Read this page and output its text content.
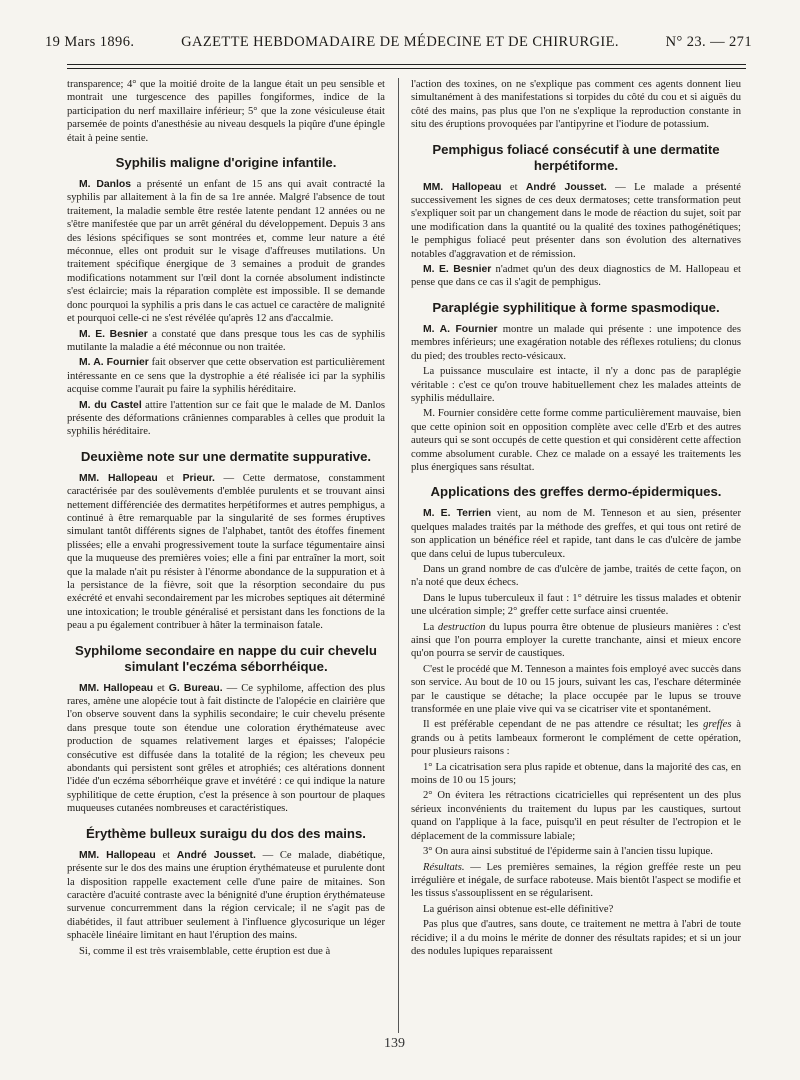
19 Mars 1896.	GAZETTE HEBDOMADAIRE DE MÉDECINE ET DE CHIRURGIE.	N° 23. — 271

transparence; 4° que la moitié droite de la langue était un peu sensible et montrait une turgescence des papilles fongiformes, indice de la participation du nerf maxillaire inférieur; 5° que la zone vésiculeuse était parsemée de points d'anesthésie au niveau desquels la piqûre d'une épingle était à peine sentie.

Syphilis maligne d'origine infantile.

M. Danlos a présenté un enfant de 15 ans qui avait contracté la syphilis par allaitement à la fin de sa 1re année. Malgré l'absence de tout traitement, la maladie semble être restée latente pendant 12 années ou ne s'être manifestée que par un arrêt général du développement. Depuis 3 ans des lésions spécifiques se sont montrées et, comme leur nature a été méconnue, elles ont produit sur le visage d'affreuses mutilations. Un traitement spécifique énergique de 3 semaines a produit de grandes modifications notamment sur l'œil dont la cornée absolument indistincte s'est éclaircie; mais la réparation complète est impossible. Il se demande donc pourquoi la syphilis a pris dans le cas actuel ce caractère de malignité et pourquoi celle-ci ne s'est révélée qu'après 12 ans d'accalmie.

M. E. Besnier a constaté que dans presque tous les cas de syphilis mutilante la maladie a été méconnue ou non traitée.

M. A. Fournier fait observer que cette observation est particulièrement intéressante en ce sens que la dystrophie a été réalisée ici par la syphilis acquise comme l'aurait pu faire la syphilis héréditaire.

M. du Castel attire l'attention sur ce fait que le malade de M. Danlos présente des déformations crâniennes comparables à celles que produit la syphilis héréditaire.

Deuxième note sur une dermatite suppurative.

MM. Hallopeau et Prieur. — Cette dermatose, constamment caractérisée par des soulèvements d'emblée purulents et se trouvant ainsi nettement différenciée des dermatites herpétiformes et autres pemphigus, a continué à être remarquable par la singularité de ses formes éruptives simulant tantôt différents signes de l'alphabet, tantôt des étoffes finement plissées; elle a envahi progressivement toute la surface tégumentaire ainsi que la muqueuse des premières voies; elle a fini par entraîner la mort, soit que la malade n'ait pu résister à l'énorme abondance de la suppuration et à la persistance de la fièvre, soit que la résorption secondaire du pus exécrété et envahi secondairement par les microbes septiques ait déterminé une intoxication; le trouble généralisé et persistant dans les fonctions de la peau a pu également contribuer à hâter la terminaison fatale.

Syphilome secondaire en nappe du cuir chevelu simulant l'eczéma séborrhéique.

MM. Hallopeau et G. Bureau. — Ce syphilome, affection des plus rares, amène une alopécie tout à fait distincte de l'alopécie en clairière que l'on observe souvent dans la syphilis secondaire; le cuir chevelu présente dans presque toute son étendue une coloration érythémateuse avec production de squames relativement larges et épaisses; l'alopécie consécutive est diffusée dans la totalité de la région; les cheveux peu abondants qui persistent sont grêles et atrophiés; ces altérations donnent l'idée d'un eczéma séborrhéique grave et invétéré : ce qui indique la nature syphilitique de cette éruption, c'est la présence à son pourtour de plaques muqueuses cutanées nombreuses et caractéristiques.

Érythème bulleux suraigu du dos des mains.

MM. Hallopeau et André Jousset. — Ce malade, diabétique, présente sur le dos des mains une éruption érythémateuse et purulente dont la disposition rappelle exactement celle d'une paire de mitaines. Son caractère d'acuité contraste avec la bénignité d'une éruption érythémateuse survenue concurremment dans la région cervicale; il ne s'agit pas de diabétides, il faut attribuer seulement à l'influence glycosurique un léger sphacèle linéaire limitant en haut l'éruption des mains.

Si, comme il est très vraisemblable, cette éruption est due à

l'action des toxines, on ne s'explique pas comment ces agents donnent lieu simultanément à des manifestations si torpides du côté du cou et si aiguës du côté des mains, pas plus que l'on ne s'explique la reproduction constante in situ des éruptions provoquées par l'antipyrine et l'iodure de potassium.

Pemphigus foliacé consécutif à une dermatite herpétiforme.

MM. Hallopeau et André Jousset. — Le malade a présenté successivement les signes de ces deux dermatoses; cette transformation peut s'expliquer soit par un changement dans le mode de réaction du sujet, soit par une modification dans la quantité ou la qualité des toxines pathogénétiques; le pemphigus foliacé peut présenter dans son évolution des alternatives notables d'aggravation et de rémission.

M. E. Besnier n'admet qu'un des deux diagnostics de M. Hallopeau et pense que dans ce cas il s'agit de pemphigus.

Paraplégie syphilitique à forme spasmodique.

M. A. Fournier montre un malade qui présente : une impotence des membres inférieurs; une exagération notable des réflexes rotuliens; du clonus du pied; des troubles recto-vésicaux.

La puissance musculaire est intacte, il n'y a donc pas de paraplégie véritable : c'est ce qu'on trouve habituellement chez les malades atteints de syphilis médullaire.

M. Fournier considère cette forme comme particulièrement mauvaise, bien que cette opinion soit en opposition complète avec celle d'Erb et des autres auteurs qui se sont occupés de cette question et qui considèrent cette affection comme absolument curable. Chez ce malade on a essayé les traitements les plus énergiques sans résultat.

Applications des greffes dermo-épidermiques.

M. E. Terrien vient, au nom de M. Tenneson et au sien, présenter quelques malades traités par la méthode des greffes, et qui tous ont retiré de son application un bénéfice réel et rapide, tant dans le cas d'ulcère de jambe que dans celui de lupus tuberculeux.

Dans un grand nombre de cas d'ulcère de jambe, traités de cette façon, on n'a noté que deux échecs.

Dans le lupus tuberculeux il faut : 1° détruire les tissus malades et obtenir une ulcération simple; 2° greffer cette surface ainsi cruentée.

La destruction du lupus pourra être obtenue de plusieurs manières : c'est ainsi que l'on pourra employer la curette tranchante, ainsi et mieux encore qu'on pourra se servir de caustiques.

C'est le procédé que M. Tenneson a maintes fois employé avec succès dans son service. Au bout de 10 ou 15 jours, suivant les cas, l'eschare déterminée par le caustique se détache; la place occupée par le lupus se trouve transformée en une plaie vive qui va se cicatriser vite et spontanément.

Il est préférable cependant de ne pas attendre ce résultat; les greffes à grands ou à petits lambeaux formeront le complément de cette opération, pour plusieurs raisons :

1° La cicatrisation sera plus rapide et obtenue, dans la majorité des cas, en moins de 10 ou 15 jours;

2° On évitera les rétractions cicatricielles qui représentent un des plus sérieux inconvénients du traitement du lupus par les caustiques, surtout quand on l'applique à la face, puisqu'il en peut résulter de l'ectropion et le déplacement de la commissure labiale;

3° On aura ainsi substitué de l'épiderme sain à l'ancien tissu lupique.

Résultats. — Les premières semaines, la région greffée reste un peu irrégulière et inégale, de surface raboteuse. Mais bientôt l'aspect se modifie et les tissus s'assouplissent en se régularisent.

La guérison ainsi obtenue est-elle définitive?

Pas plus que d'autres, sans doute, ce traitement ne mettra à l'abri de toute récidive; il a du moins le mérite de donner des résultats rapides; et si un jour des nodules lupiques reparaissent

139
